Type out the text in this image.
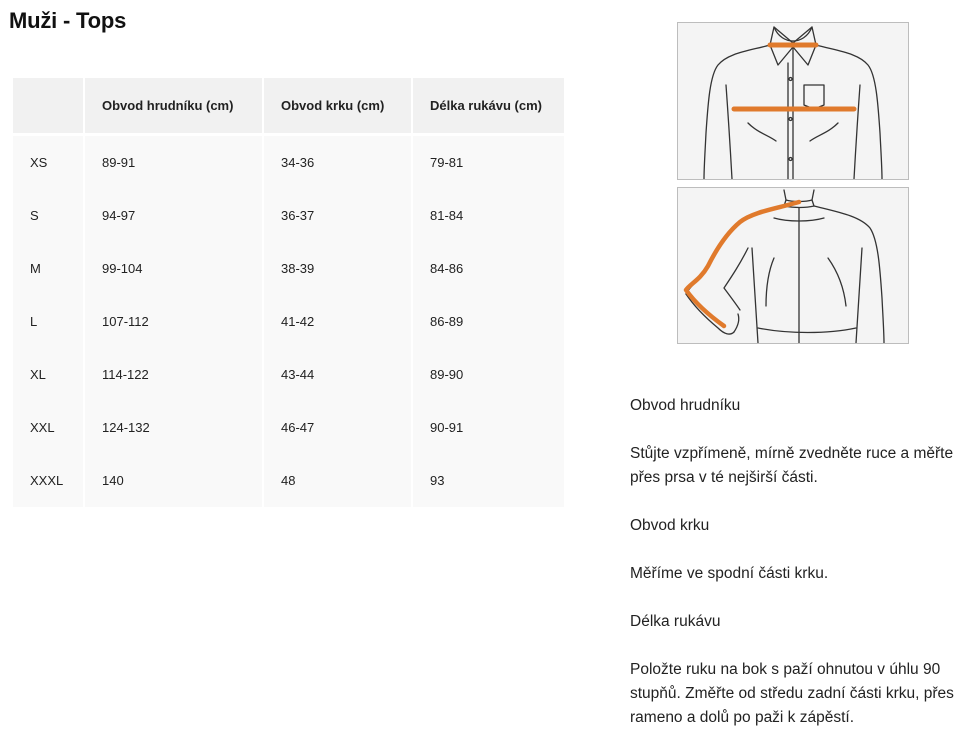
Muži - Tops
	Obvod hrudníku (cm)	Obvod krku (cm)	Délka rukávu (cm)
XS	89-91	34-36	79-81
S	94-97	36-37	81-84
M	99-104	38-39	84-86
L	107-112	41-42	86-89
XL	114-122	43-44	89-90
XXL	124-132	46-47	90-91
XXXL	140	48	93

Obvod hrudníku

Stůjte vzpřímeně, mírně zvedněte ruce a měřte přes prsa v té nejširší části.

Obvod krku

Měříme ve spodní části krku.

Délka rukávu

Položte ruku na bok s paží ohnutou v úhlu 90 stupňů. Změřte od středu zadní části krku, přes rameno a dolů po paži k zápěstí.
